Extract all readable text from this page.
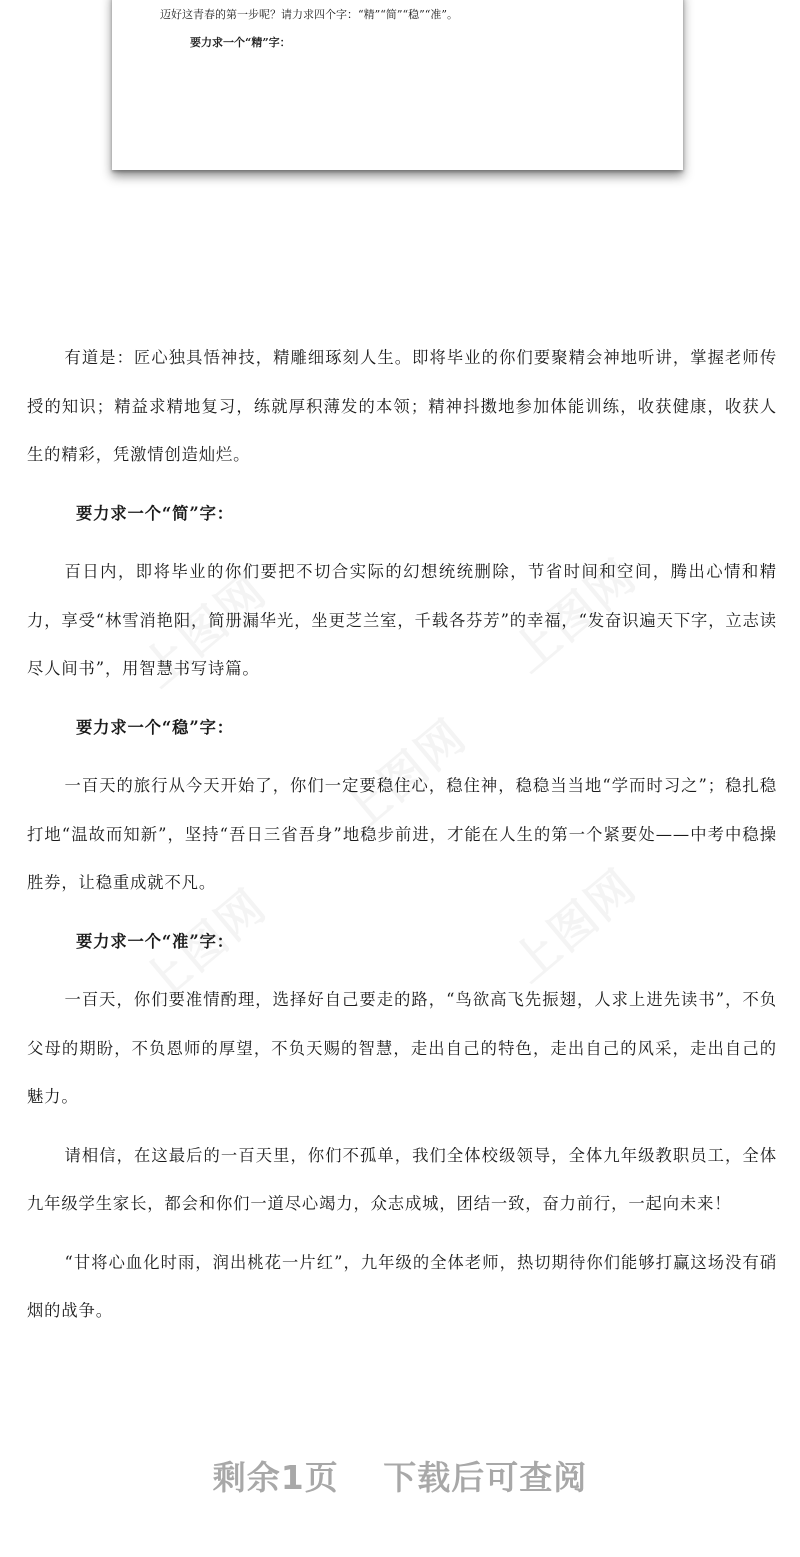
迈好这青春的第一步呢？请力求四个字：“精”“简”“稳”“准”。
要力求一个“精”字：

有道是：匠心独具悟神技，精雕细琢刻人生。即将毕业的你们要聚精会神地听讲，掌握老师传授的知识；精益求精地复习，练就厚积薄发的本领；精神抖擞地参加体能训练，收获健康，收获人生的精彩，凭激情创造灿烂。

要力求一个“简”字：

百日内，即将毕业的你们要把不切合实际的幻想统统删除，节省时间和空间，腾出心情和精力，享受“林雪消艳阳，简册漏华光，坐更芝兰室，千载各芬芳”的幸福，“发奋识遍天下字，立志读尽人间书”，用智慧书写诗篇。

要力求一个“稳”字：

一百天的旅行从今天开始了，你们一定要稳住心，稳住神，稳稳当当地“学而时习之”；稳扎稳打地“温故而知新”，坚持“吾日三省吾身”地稳步前进，才能在人生的第一个紧要处——中考中稳操胜券，让稳重成就不凡。

要力求一个“准”字：

一百天，你们要准情酌理，选择好自己要走的路，“鸟欲高飞先振翅，人求上进先读书”，不负父母的期盼，不负恩师的厚望，不负天赐的智慧，走出自己的特色，走出自己的风采，走出自己的魅力。

请相信，在这最后的一百天里，你们不孤单，我们全体校级领导，全体九年级教职员工，全体九年级学生家长，都会和你们一道尽心竭力，众志成城，团结一致，奋力前行，一起向未来！

“甘将心血化时雨，润出桃花一片红”，九年级的全体老师，热切期待你们能够打赢这场没有硝烟的战争。

剩余1页 下载后可查阅
